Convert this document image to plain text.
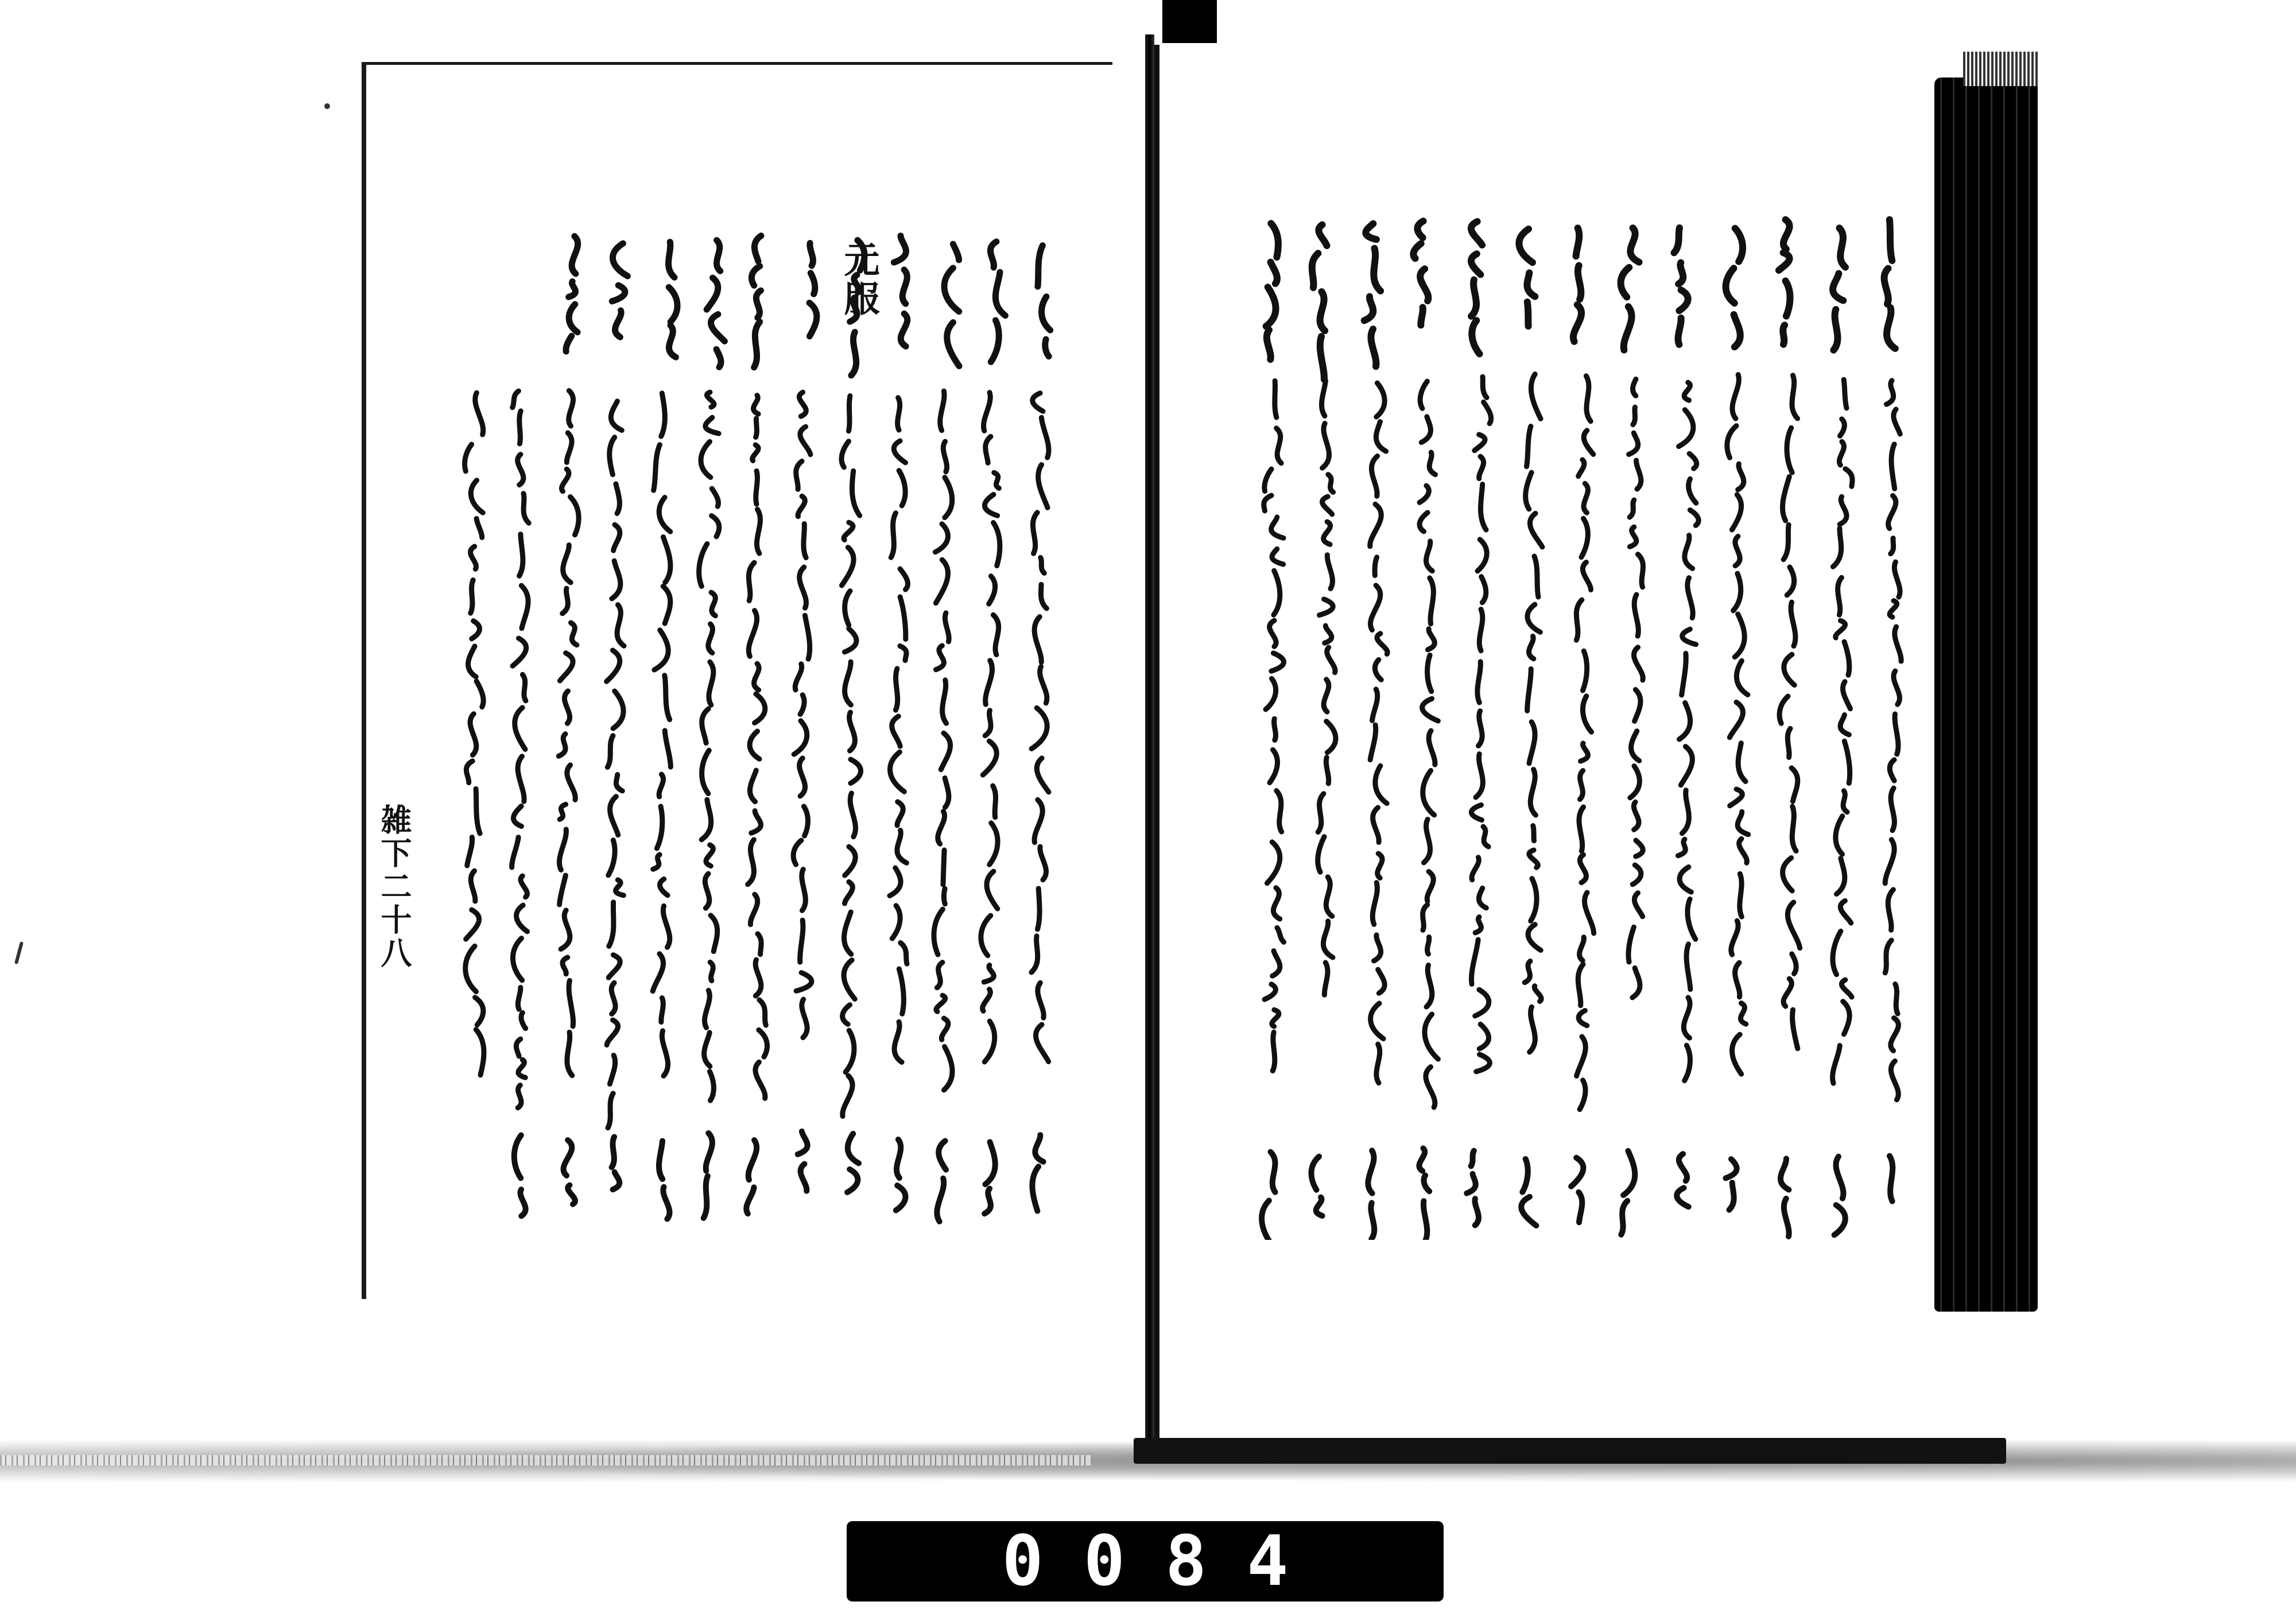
元服
雑下二十八
0084
